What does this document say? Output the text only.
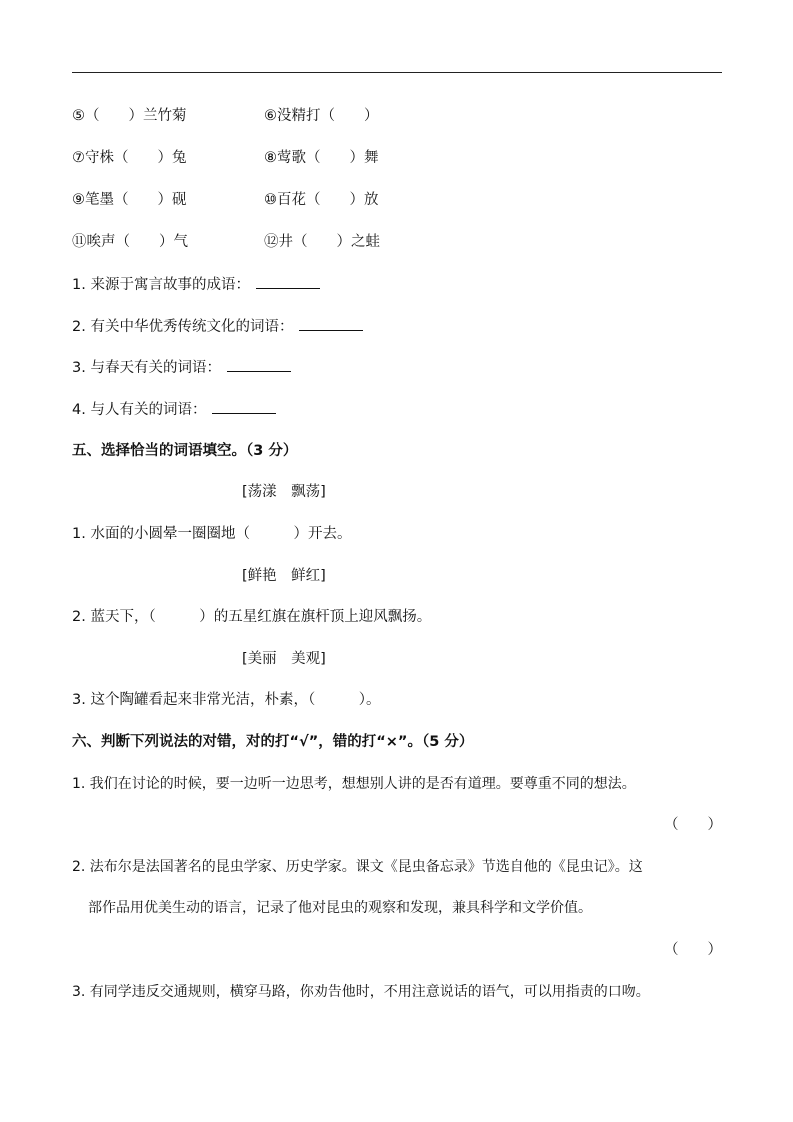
⑤（　　）兰竹菊	⑥没精打（　　）
⑦守株（　　）兔	⑧莺歌（　　）舞
⑨笔墨（　　）砚	⑩百花（　　）放
⑪唉声（　　）气	⑫井（　　）之蛙
1. 来源于寓言故事的成语：
2. 有关中华优秀传统文化的词语：
3. 与春天有关的词语：
4. 与人有关的词语：
五、选择恰当的词语填空。（3 分）
[荡漾　飘荡]
1. 水面的小圆晕一圈圈地（　　　）开去。
[鲜艳　鲜红]
2. 蓝天下，（　　　）的五星红旗在旗杆顶上迎风飘扬。
[美丽　美观]
3. 这个陶罐看起来非常光洁，朴素，（　　　）。
六、判断下列说法的对错，对的打“√”，错的打“×”。（5 分）
1. 我们在讨论的时候，要一边听一边思考，想想别人讲的是否有道理。要尊重不同的想法。
（　　）
2. 法布尔是法国著名的昆虫学家、历史学家。课文《昆虫备忘录》节选自他的《昆虫记》。这
部作品用优美生动的语言，记录了他对昆虫的观察和发现，兼具科学和文学价值。
（　　）
3. 有同学违反交通规则，横穿马路，你劝告他时，不用注意说话的语气，可以用指责的口吻。
